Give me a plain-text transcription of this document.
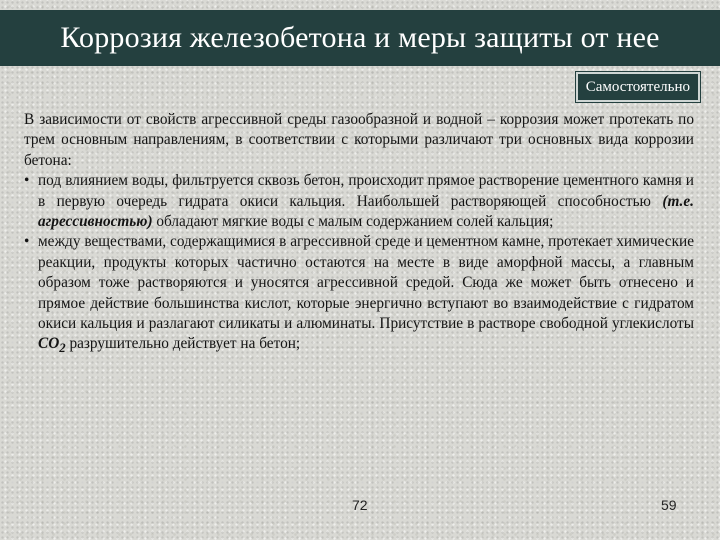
Коррозия железобетона и меры защиты от нее
Самостоятельно

В зависимости от свойств агрессивной среды газообразной и водной – коррозия может протекать по трем основным направлениям, в соответствии с которыми различают три основных вида коррозии бетона:

• под влиянием воды, фильтруется сквозь бетон, происходит прямое растворение цементного камня и в первую очередь гидрата окиси кальция. Наибольшей растворяющей способностью (т.е. агрессивностью) обладают мягкие воды с малым содержанием солей кальция;
• между веществами, содержащимися в агрессивной среде и цементном камне, протекает химические реакции, продукты которых частично остаются на месте в виде аморфной массы, а главным образом тоже растворяются и уносятся агрессивной средой. Сюда же может быть отнесено и прямое действие большинства кислот, которые энергично вступают во взаимодействие с гидратом окиси кальция и разлагают силикаты и алюминаты. Присутствие в растворе свободной углекислоты $CO_2$ разрушительно действует на бетон;
72	59
